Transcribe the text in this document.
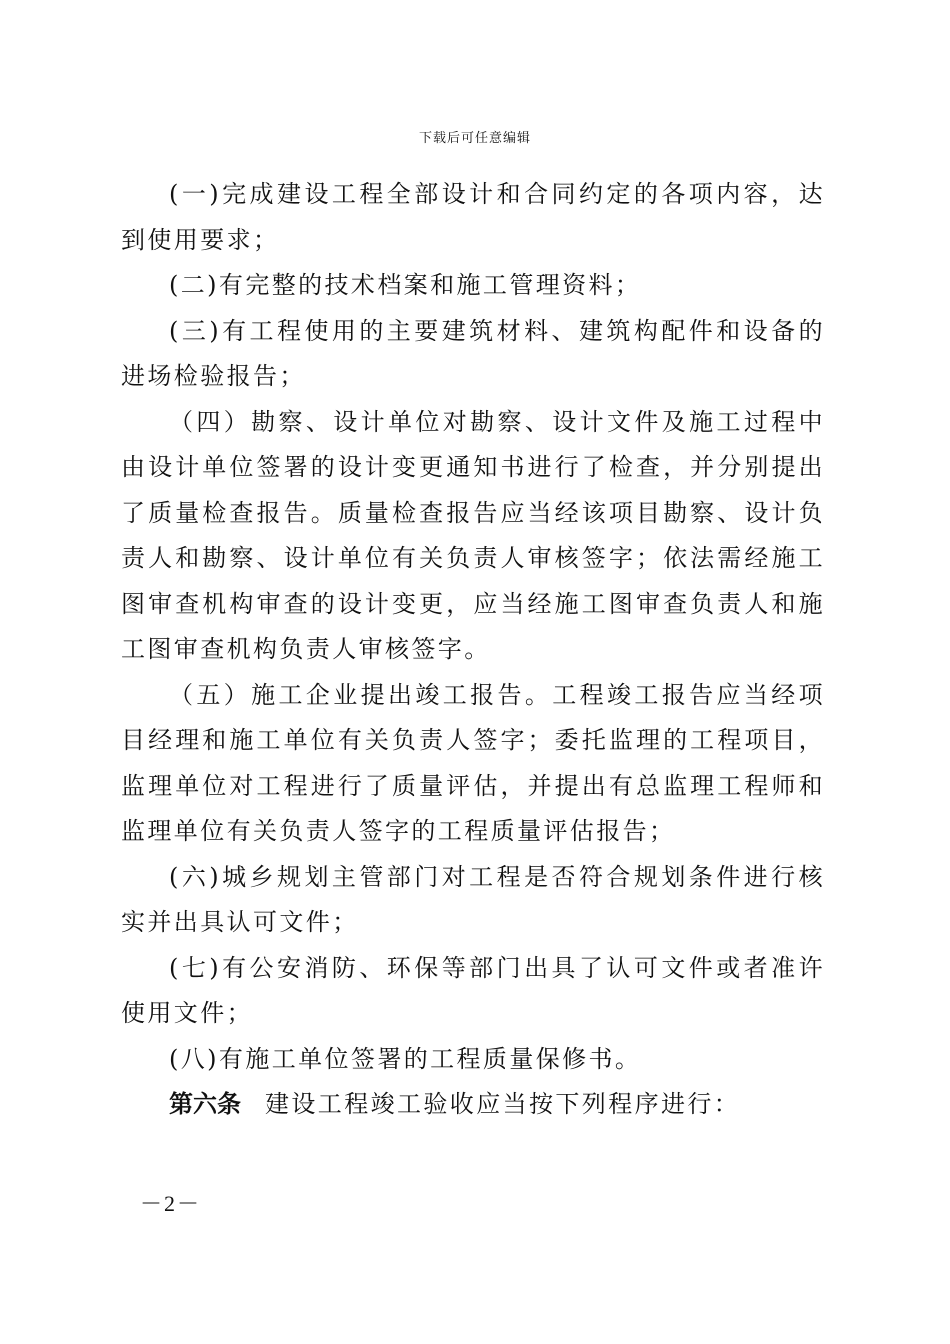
下载后可任意编辑

(一)完成建设工程全部设计和合同约定的各项内容，达到使用要求；

(二)有完整的技术档案和施工管理资料；

(三)有工程使用的主要建筑材料、建筑构配件和设备的进场检验报告；

（四）勘察、设计单位对勘察、设计文件及施工过程中由设计单位签署的设计变更通知书进行了检查，并分别提出了质量检查报告。质量检查报告应当经该项目勘察、设计负责人和勘察、设计单位有关负责人审核签字；依法需经施工图审查机构审查的设计变更，应当经施工图审查负责人和施工图审查机构负责人审核签字。

（五）施工企业提出竣工报告。工程竣工报告应当经项目经理和施工单位有关负责人签字；委托监理的工程项目，监理单位对工程进行了质量评估，并提出有总监理工程师和监理单位有关负责人签字的工程质量评估报告；

(六)城乡规划主管部门对工程是否符合规划条件进行核实并出具认可文件；

(七)有公安消防、环保等部门出具了认可文件或者准许使用文件；

(八)有施工单位签署的工程质量保修书。

第六条 建设工程竣工验收应当按下列程序进行：

－2－
